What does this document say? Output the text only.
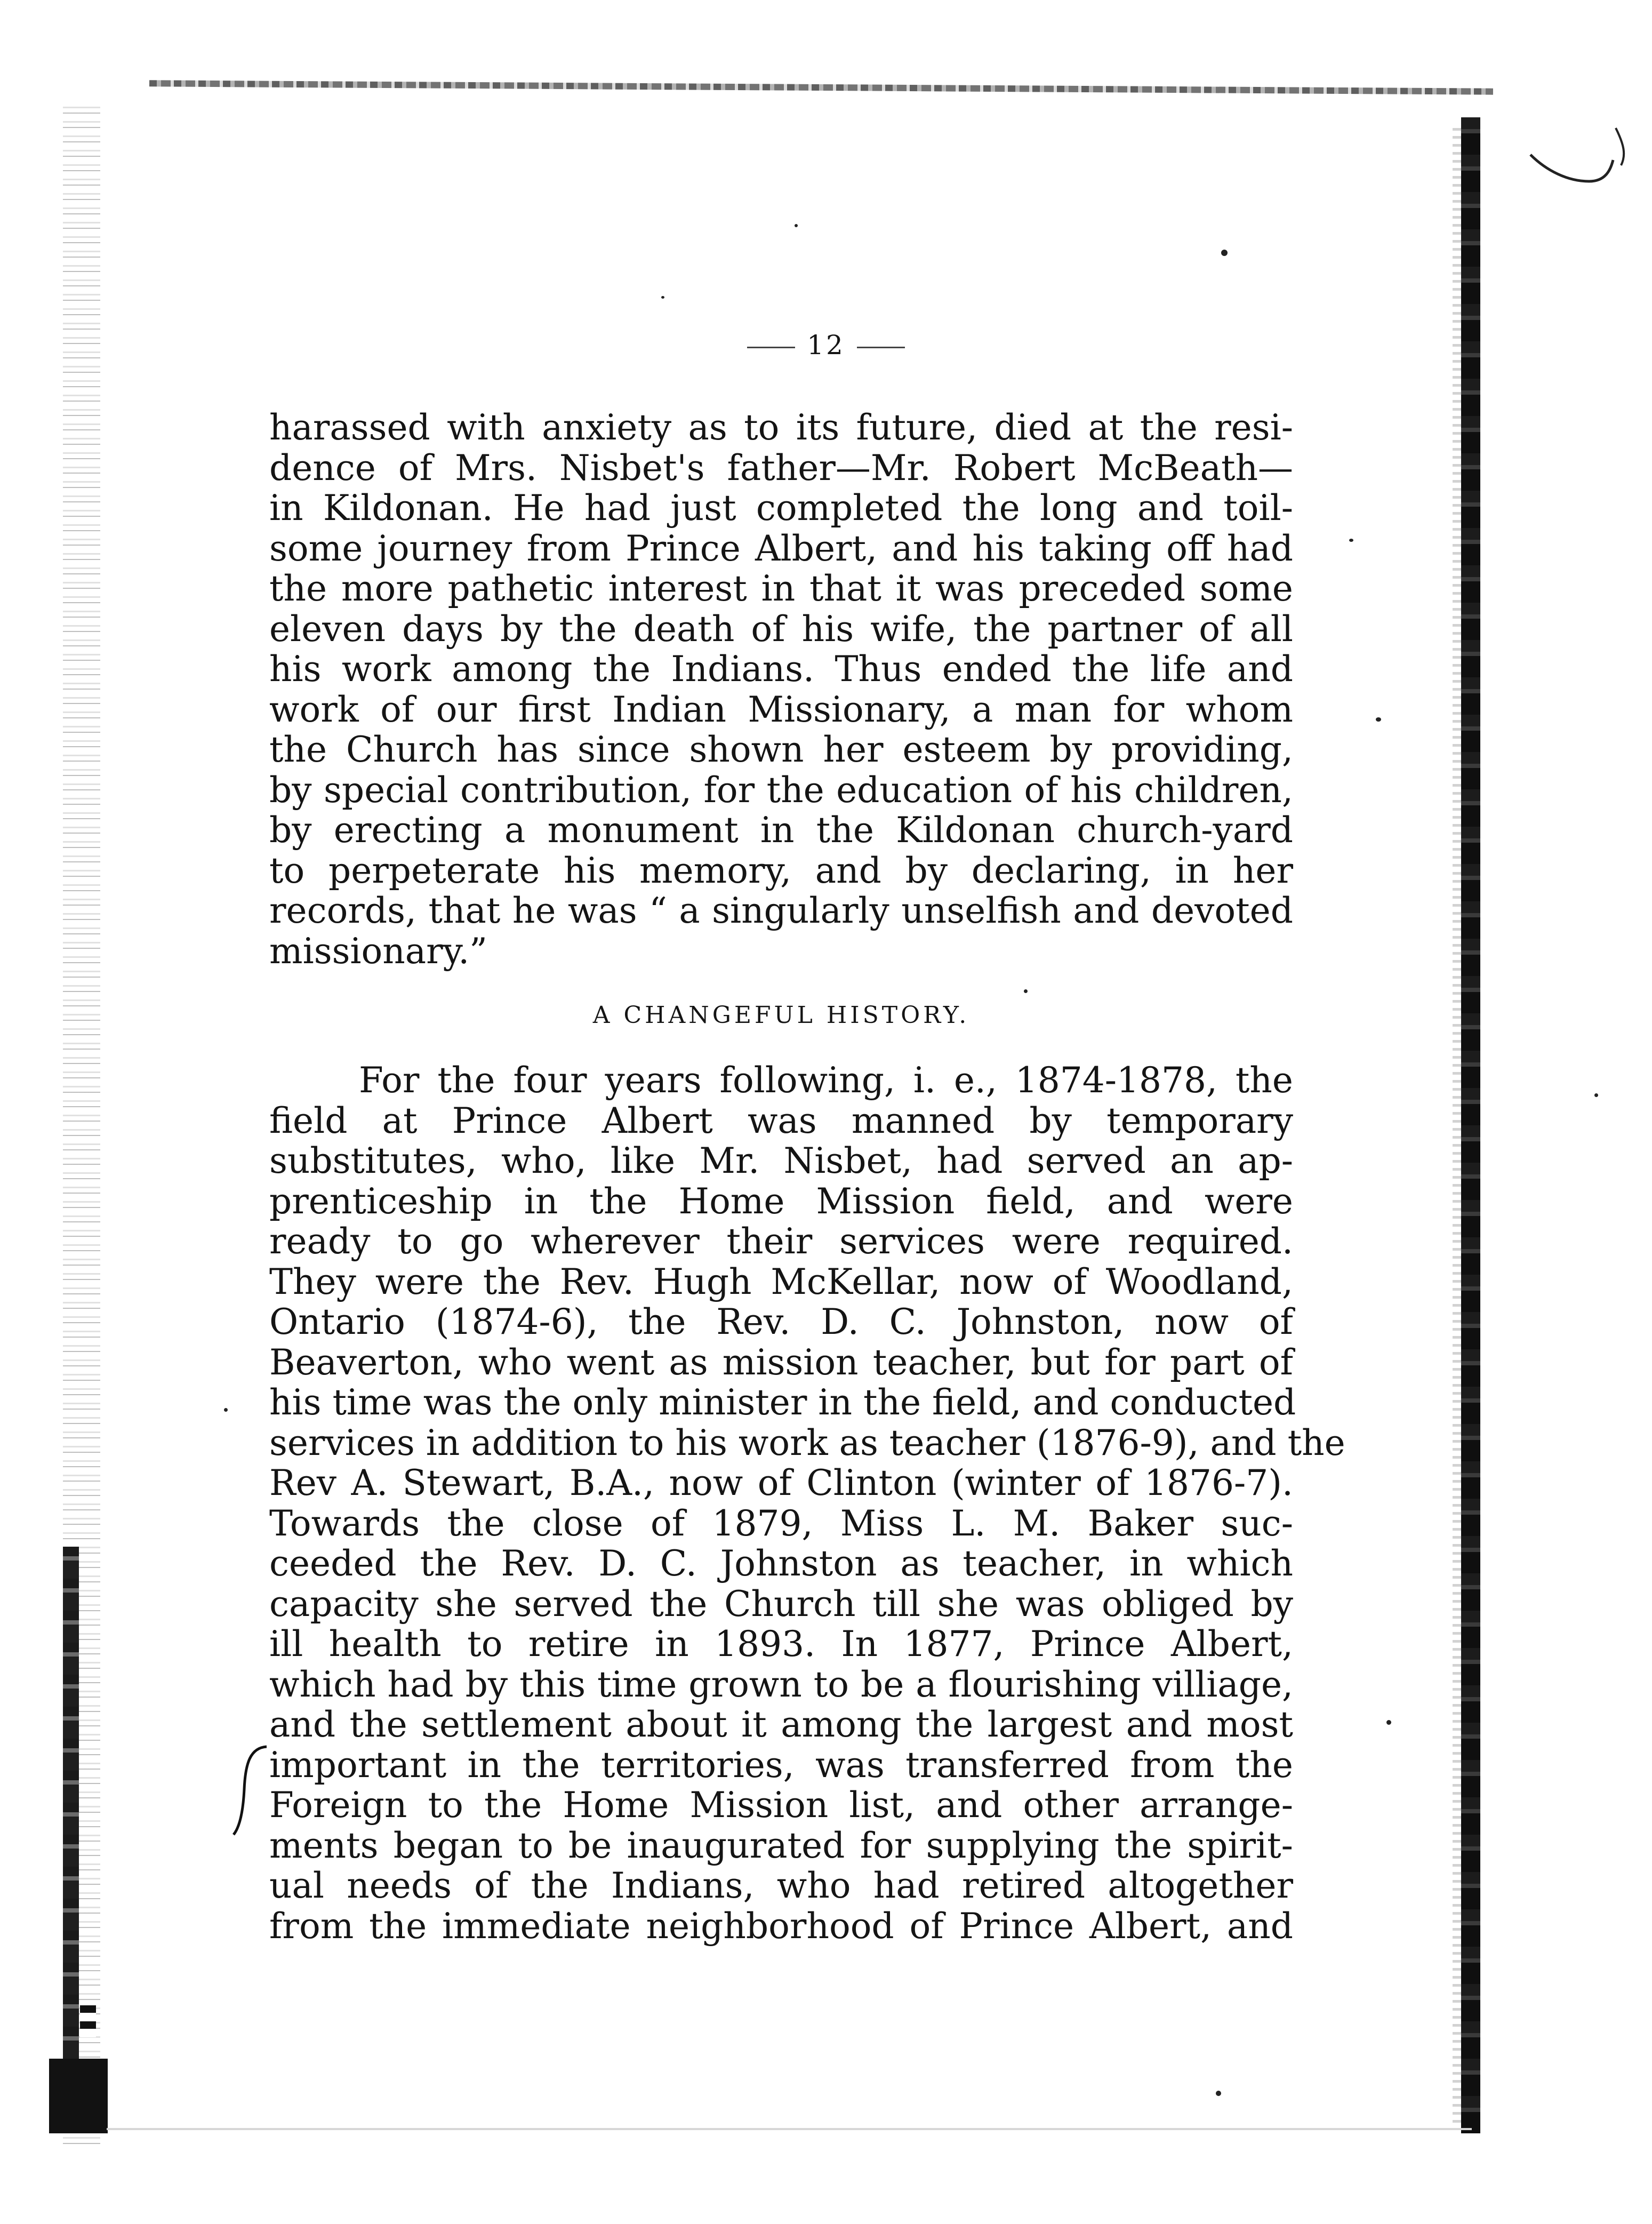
12
harassed with anxiety as to its future, died at the resi-
dence of Mrs. Nisbet's father—Mr. Robert McBeath—
in Kildonan. He had just completed the long and toil-
some journey from Prince Albert, and his taking off had
the more pathetic interest in that it was preceded some
eleven days by the death of his wife, the partner of all
his work among the Indians. Thus ended the life and
work of our first Indian Missionary, a man for whom
the Church has since shown her esteem by providing,
by special contribution, for the education of his children,
by erecting a monument in the Kildonan church-yard
to perpeterate his memory, and by declaring, in her
records, that he was “ a singularly unselfish and devoted
missionary.”
A CHANGEFUL HISTORY.
For the four years following, i. e., 1874-1878, the
field at Prince Albert was manned by temporary
substitutes, who, like Mr. Nisbet, had served an ap-
prenticeship in the Home Mission field, and were
ready to go wherever their services were required.
They were the Rev. Hugh McKellar, now of Woodland,
Ontario (1874-6), the Rev. D. C. Johnston, now of
Beaverton, who went as mission teacher, but for part of
his time was the only minister in the field, and conducted
services in addition to his work as teacher (1876-9), and the
Rev A. Stewart, B.A., now of Clinton (winter of 1876-7).
Towards the close of 1879, Miss L. M. Baker suc-
ceeded the Rev. D. C. Johnston as teacher, in which
capacity she served the Church till she was obliged by
ill health to retire in 1893. In 1877, Prince Albert,
which had by this time grown to be a flourishing villiage,
and the settlement about it among the largest and most
important in the territories, was transferred from the
Foreign to the Home Mission list, and other arrange-
ments began to be inaugurated for supplying the spirit-
ual needs of the Indians, who had retired altogether
from the immediate neighborhood of Prince Albert, and
